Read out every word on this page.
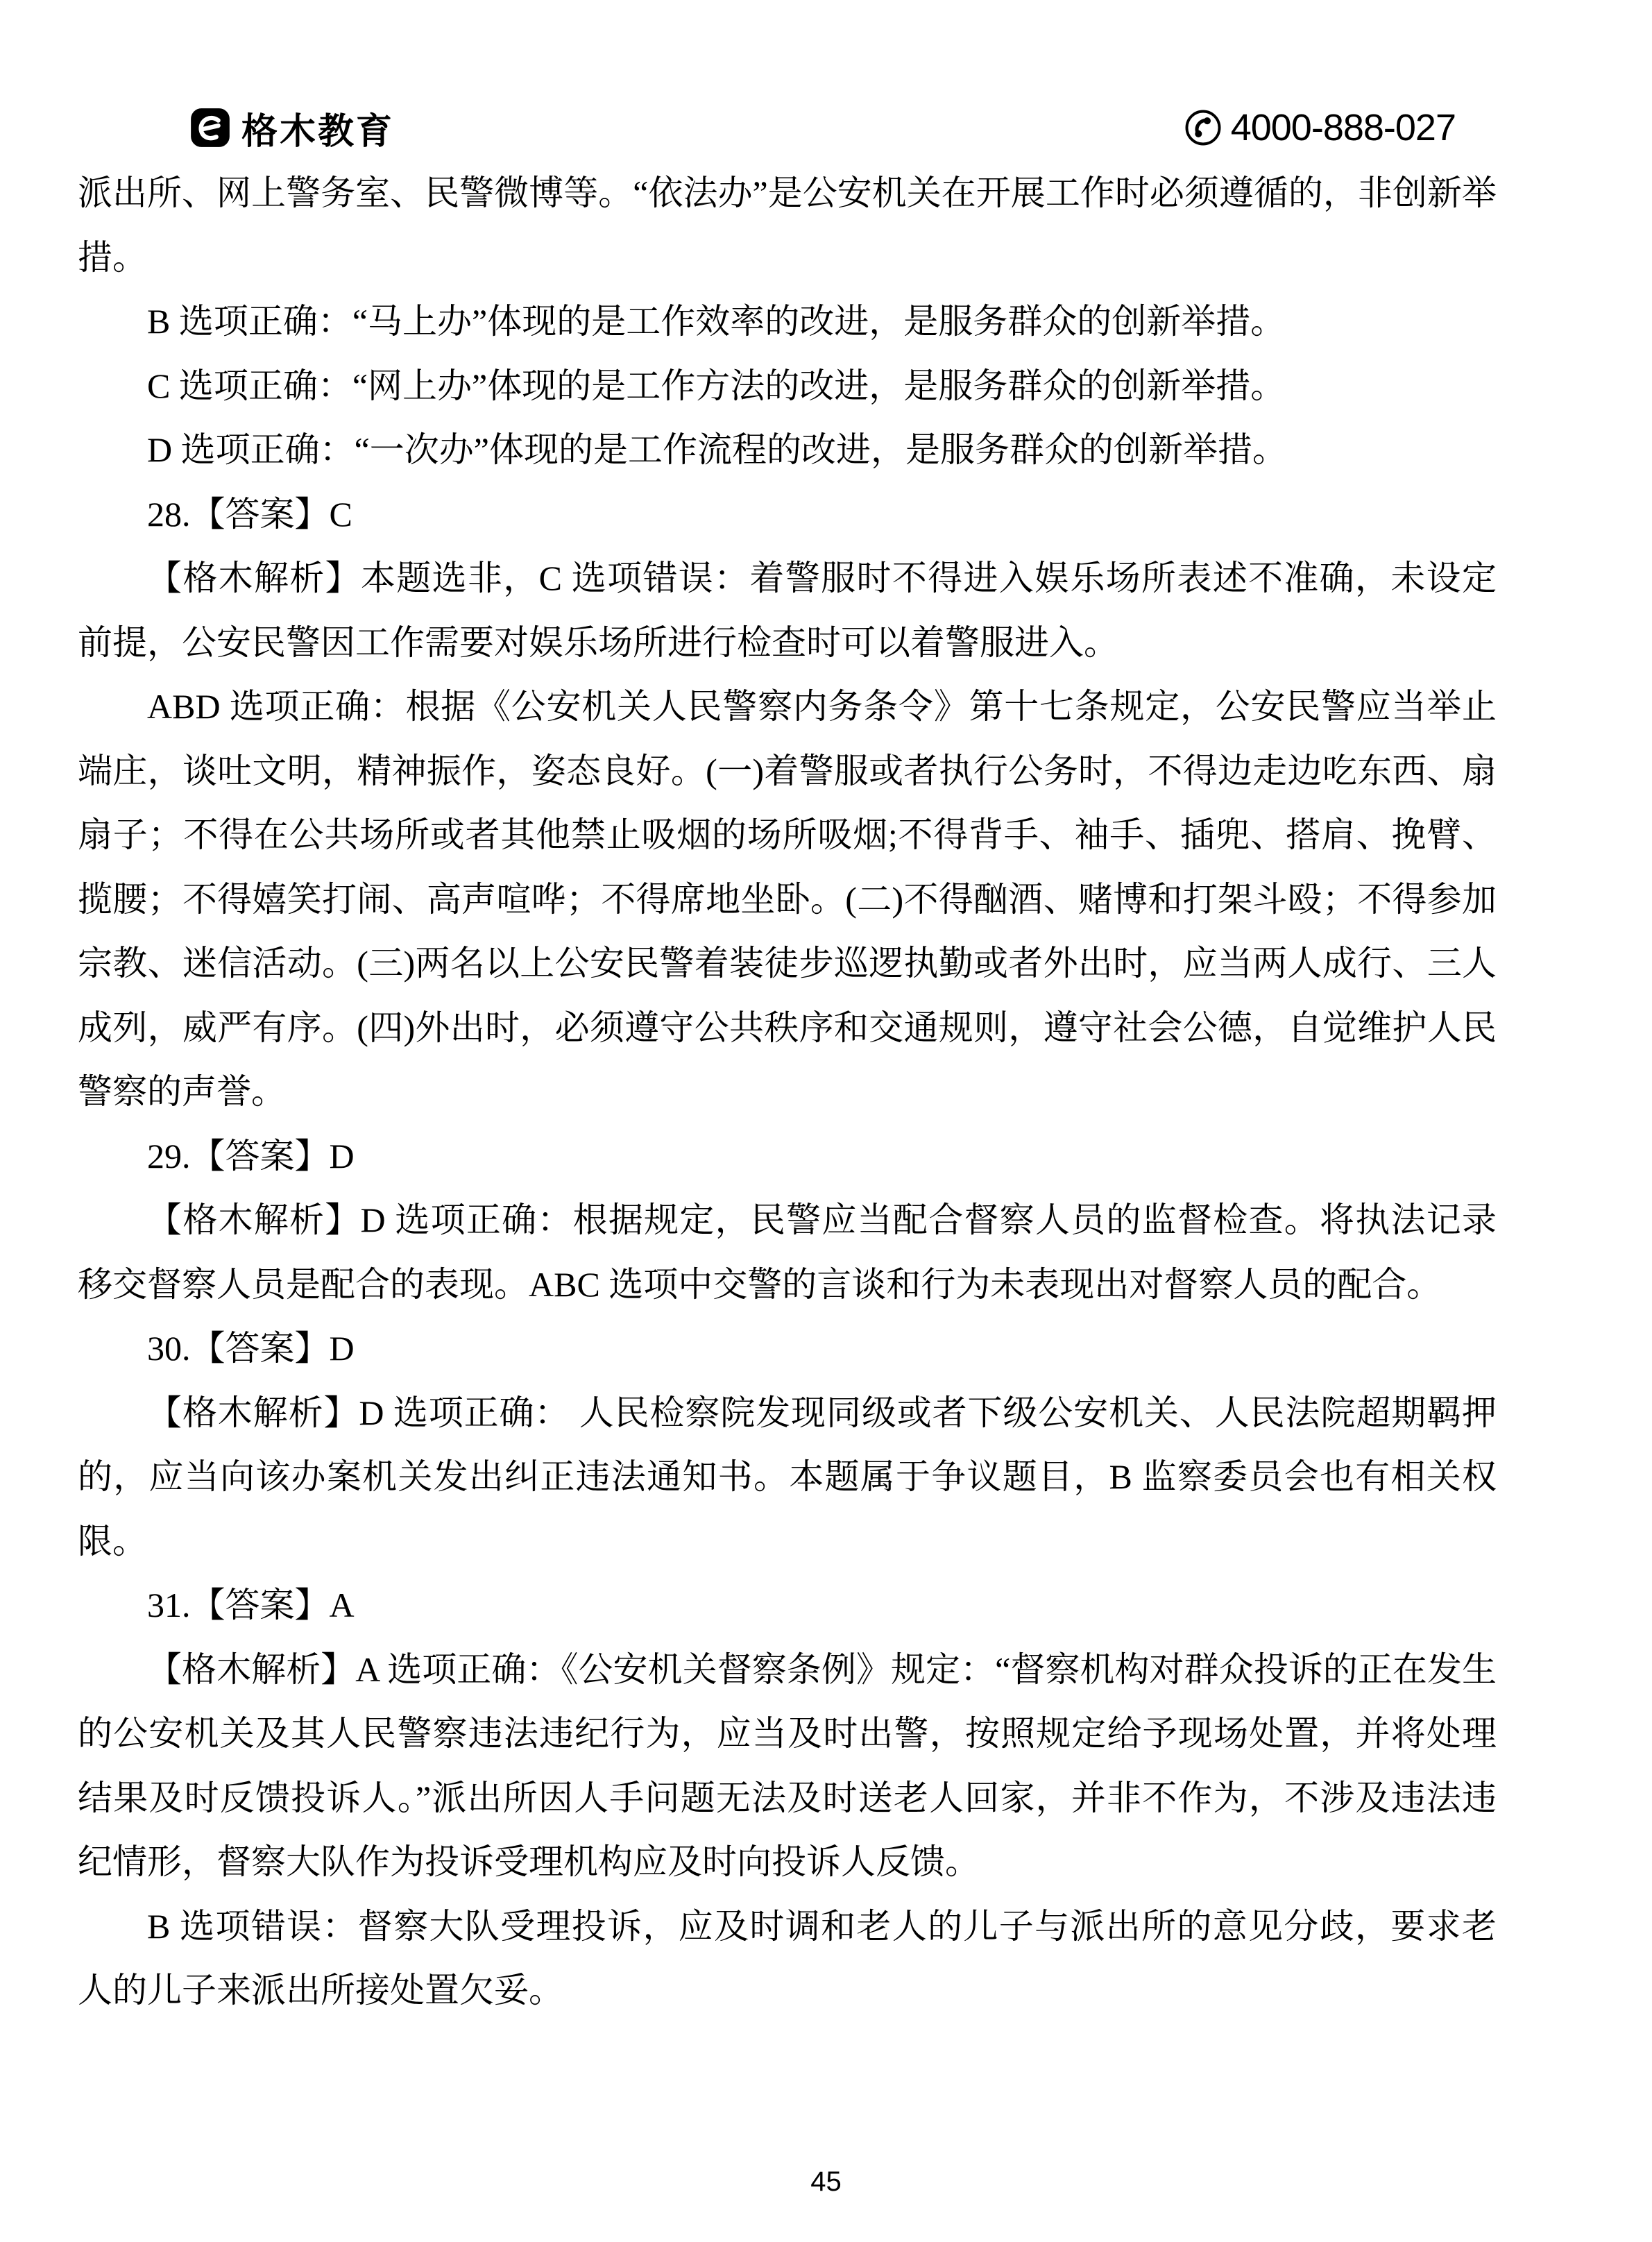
格木教育	4000-888-027

派出所、网上警务室、民警微博等。“依法办”是公安机关在开展工作时必须遵循的，非创新举措。

B 选项正确：“马上办”体现的是工作效率的改进，是服务群众的创新举措。

C 选项正确：“网上办”体现的是工作方法的改进，是服务群众的创新举措。

D 选项正确：“一次办”体现的是工作流程的改进，是服务群众的创新举措。

28.【答案】C

【格木解析】本题选非，C 选项错误：着警服时不得进入娱乐场所表述不准确，未设定前提，公安民警因工作需要对娱乐场所进行检查时可以着警服进入。

ABD 选项正确：根据《公安机关人民警察内务条令》第十七条规定，公安民警应当举止端庄，谈吐文明，精神振作，姿态良好。(一)着警服或者执行公务时，不得边走边吃东西、扇扇子；不得在公共场所或者其他禁止吸烟的场所吸烟;不得背手、袖手、插兜、搭肩、挽臂、揽腰；不得嬉笑打闹、高声喧哗；不得席地坐卧。(二)不得酗酒、赌博和打架斗殴；不得参加宗教、迷信活动。(三)两名以上公安民警着装徒步巡逻执勤或者外出时，应当两人成行、三人成列，威严有序。(四)外出时，必须遵守公共秩序和交通规则，遵守社会公德，自觉维护人民警察的声誉。

29.【答案】D

【格木解析】D 选项正确：根据规定，民警应当配合督察人员的监督检查。将执法记录移交督察人员是配合的表现。ABC 选项中交警的言谈和行为未表现出对督察人员的配合。

30.【答案】D

【格木解析】D 选项正确： 人民检察院发现同级或者下级公安机关、人民法院超期羁押的，应当向该办案机关发出纠正违法通知书。本题属于争议题目，B 监察委员会也有相关权限。

31.【答案】A

【格木解析】A 选项正确：《公安机关督察条例》规定：“督察机构对群众投诉的正在发生的公安机关及其人民警察违法违纪行为，应当及时出警，按照规定给予现场处置，并将处理结果及时反馈投诉人。”派出所因人手问题无法及时送老人回家，并非不作为，不涉及违法违纪情形，督察大队作为投诉受理机构应及时向投诉人反馈。

B 选项错误：督察大队受理投诉，应及时调和老人的儿子与派出所的意见分歧，要求老人的儿子来派出所接处置欠妥。

45
